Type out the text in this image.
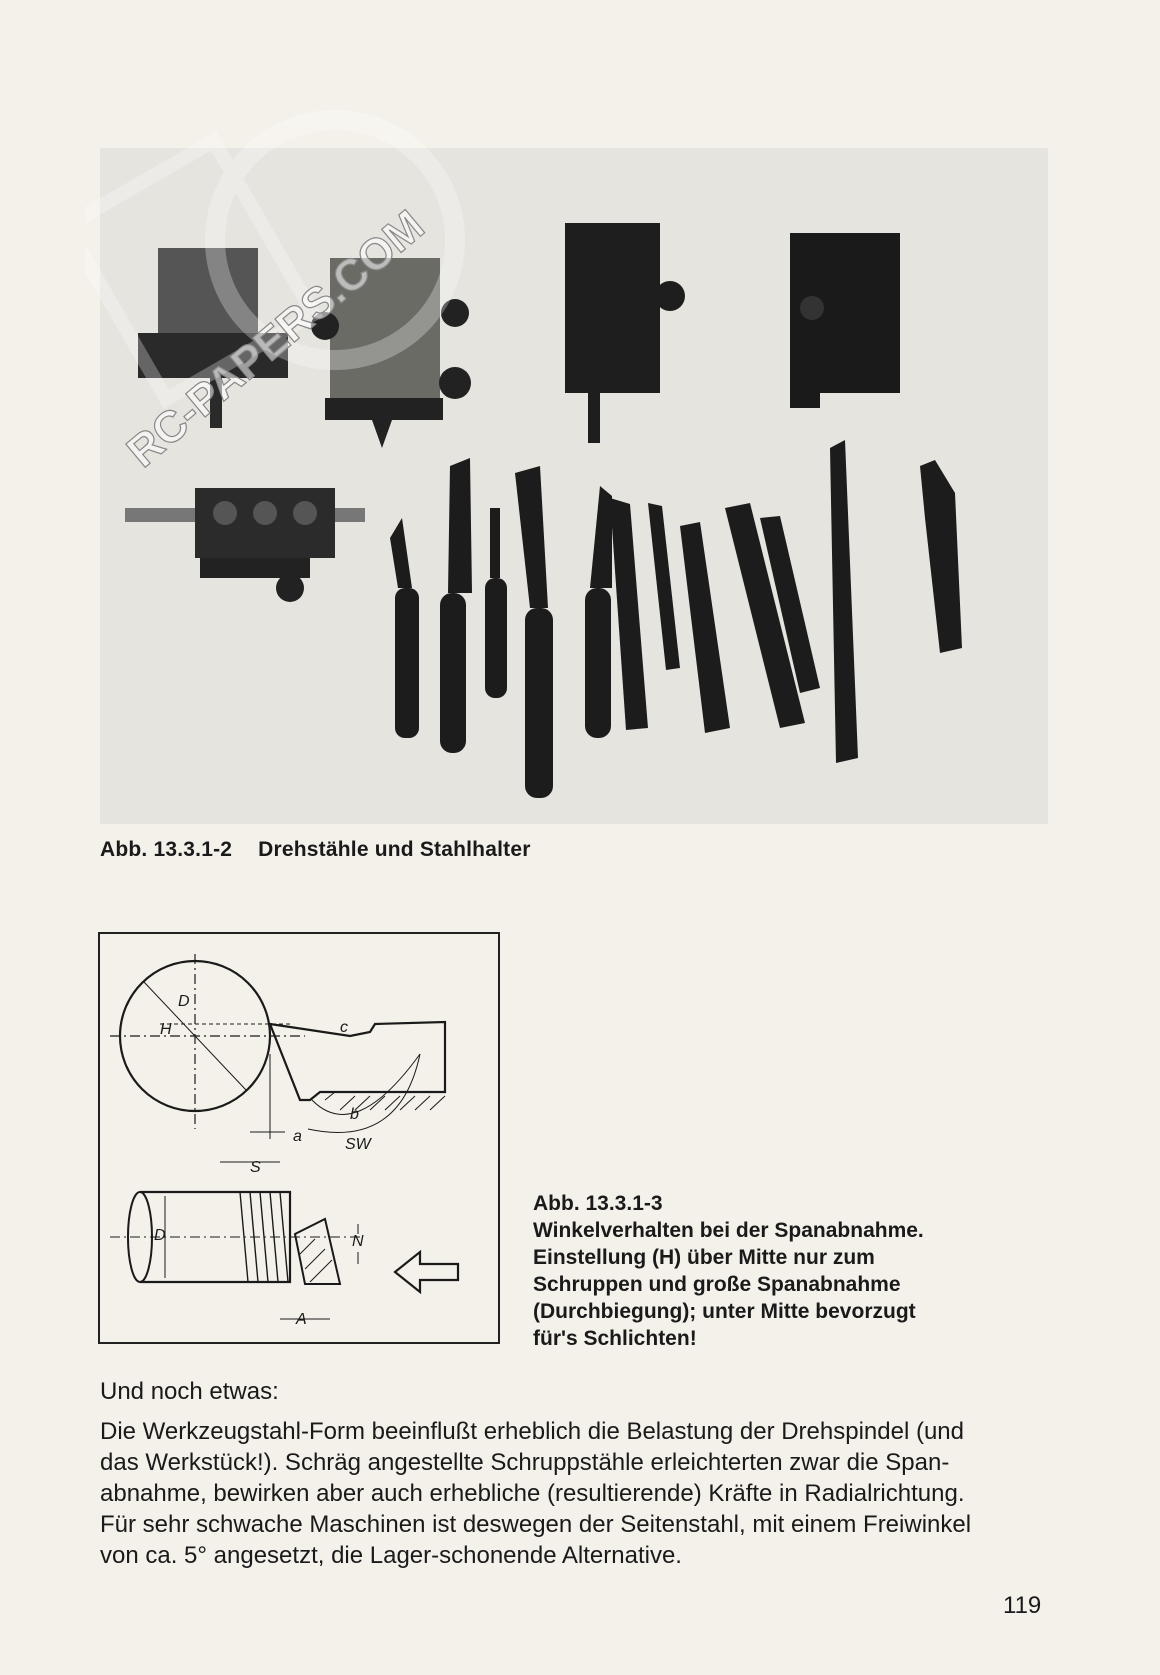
RC-PAPERS.COM
Abb. 13.3.1-2 Drehstähle und Stahlhalter
D
H	c
b
a	SW
S
D	N
A
Abb. 13.3.1-3
Winkelverhalten bei der Spanabnahme.
Einstellung (H) über Mitte nur zum
Schruppen und große Spanabnahme
(Durchbiegung); unter Mitte bevorzugt
für's Schlichten!
Und noch etwas:
Die Werkzeugstahl-Form beeinflußt erheblich die Belastung der Drehspindel (und
das Werkstück!). Schräg angestellte Schruppstähle erleichterten zwar die Span-
abnahme, bewirken aber auch erhebliche (resultierende) Kräfte in Radialrichtung.
Für sehr schwache Maschinen ist deswegen der Seitenstahl, mit einem Freiwinkel
von ca. 5° angesetzt, die Lager-schonende Alternative.
119
